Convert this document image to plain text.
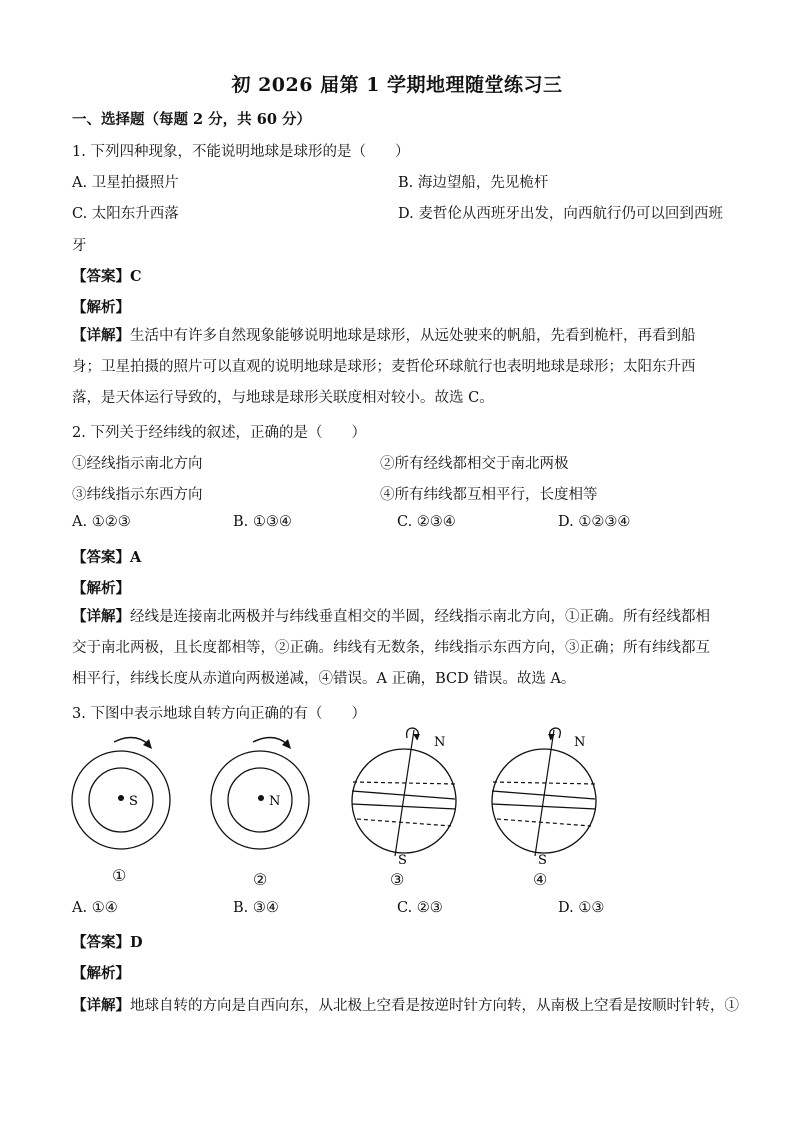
初 2026 届第 1 学期地理随堂练习三
一、选择题（每题 2 分，共 60 分）
1. 下列四种现象，不能说明地球是球形的是（　　）
A. 卫星拍摄照片	B. 海边望船，先见桅杆
C. 太阳东升西落	D. 麦哲伦从西班牙出发，向西航行仍可以回到西班
牙
【答案】C
【解析】
【详解】生活中有许多自然现象能够说明地球是球形，从远处驶来的帆船，先看到桅杆，再看到船身；卫星拍摄的照片可以直观的说明地球是球形；麦哲伦环球航行也表明地球是球形；太阳东升西落，是天体运行导致的，与地球是球形关联度相对较小。故选 C。
2. 下列关于经纬线的叙述，正确的是（　　）
①经线指示南北方向	②所有经线都相交于南北两极
③纬线指示东西方向	④所有纬线都互相平行，长度相等
A. ①②③	B. ①③④	C. ②③④	D. ①②③④
【答案】A
【解析】
【详解】经线是连接南北两极并与纬线垂直相交的半圆，经线指示南北方向，①正确。所有经线都相交于南北两极，且长度都相等，②正确。纬线有无数条，纬线指示东西方向，③正确；所有纬线都互相平行，纬线长度从赤道向两极递减，④错误。A 正确，BCD 错误。故选 A。
3. 下图中表示地球自转方向正确的有（　　）
S
①
N
②
N
S
③
N
S
④
A. ①④	B. ③④	C. ②③	D. ①③
【答案】D
【解析】
【详解】地球自转的方向是自西向东，从北极上空看是按逆时针方向转，从南极上空看是按顺时针转，①
